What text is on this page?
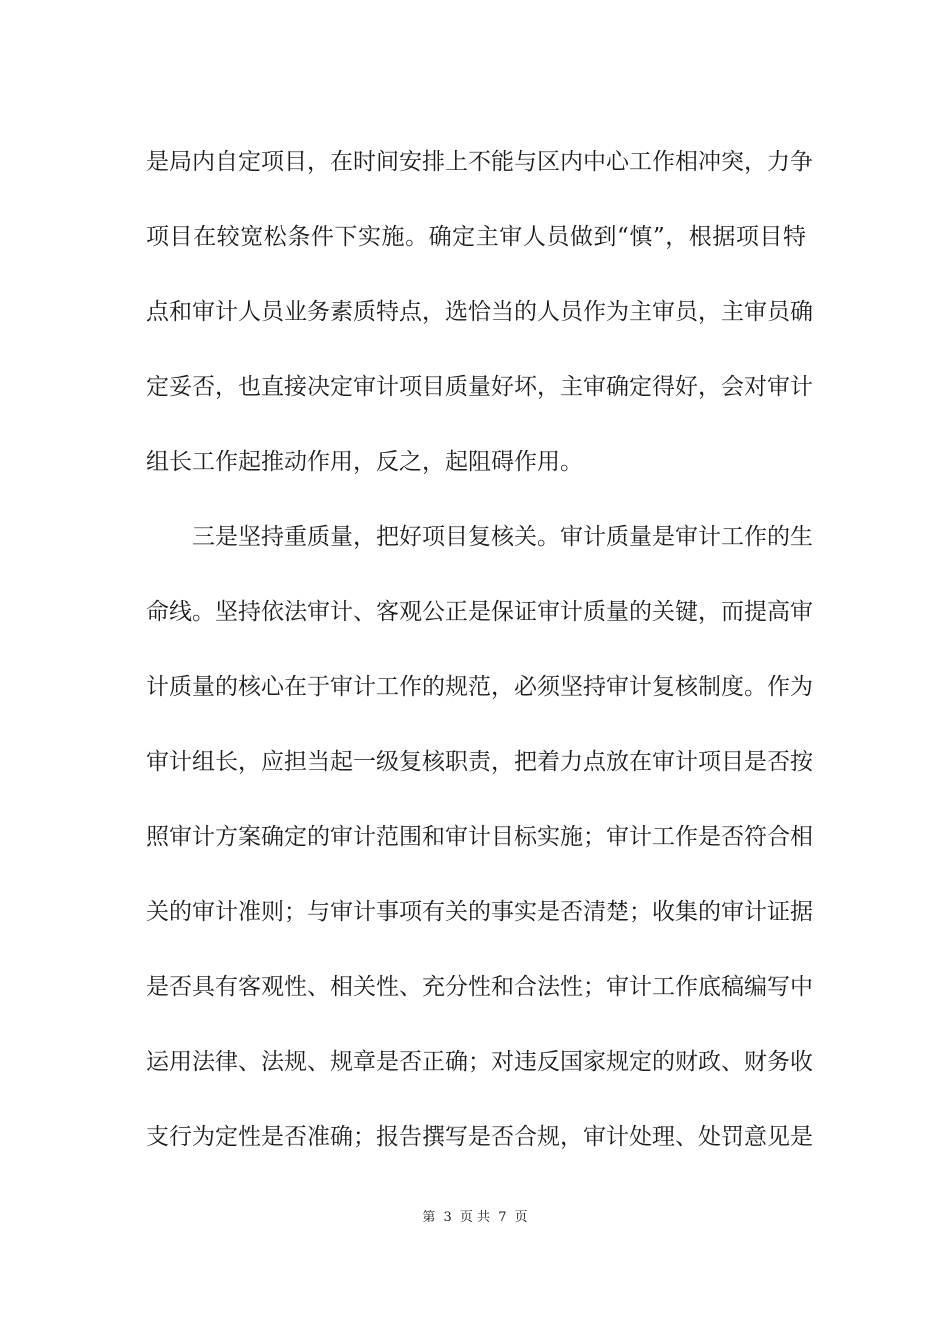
是局内自定项目，在时间安排上不能与区内中心工作相冲突，力争
项目在较宽松条件下实施。确定主审人员做到“慎”，根据项目特
点和审计人员业务素质特点，选恰当的人员作为主审员，主审员确
定妥否，也直接决定审计项目质量好坏，主审确定得好，会对审计
组长工作起推动作用，反之，起阻碍作用。
三是坚持重质量，把好项目复核关。审计质量是审计工作的生
命线。坚持依法审计、客观公正是保证审计质量的关键，而提高审
计质量的核心在于审计工作的规范，必须坚持审计复核制度。作为
审计组长，应担当起一级复核职责，把着力点放在审计项目是否按
照审计方案确定的审计范围和审计目标实施；审计工作是否符合相
关的审计准则；与审计事项有关的事实是否清楚；收集的审计证据
是否具有客观性、相关性、充分性和合法性；审计工作底稿编写中
运用法律、法规、规章是否正确；对违反国家规定的财政、财务收
支行为定性是否准确；报告撰写是否合规，审计处理、处罚意见是
第 3 页 共 7 页
